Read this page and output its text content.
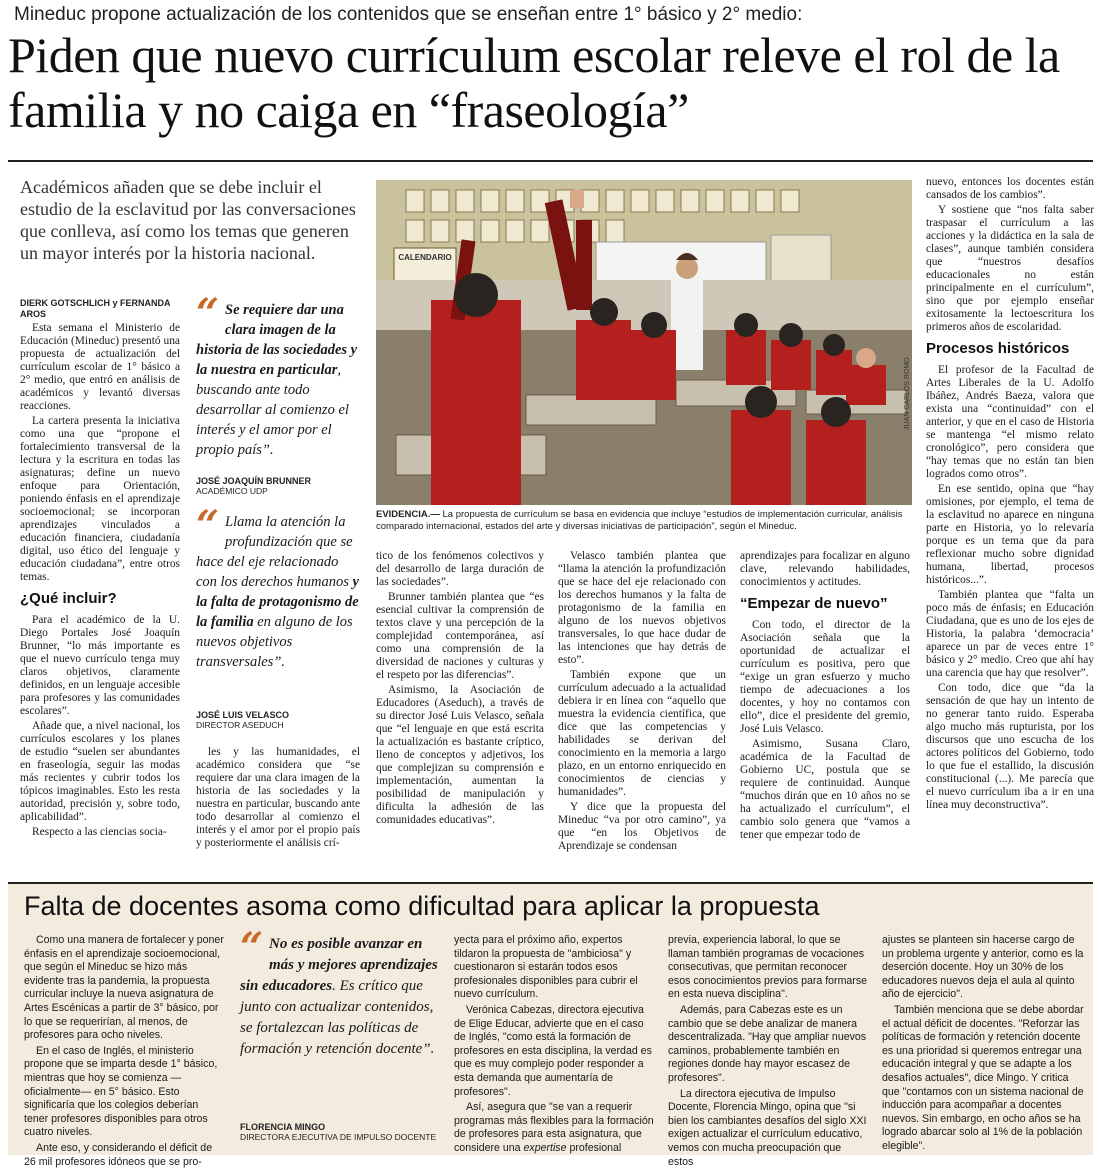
Mineduc propone actualización de los contenidos que se enseñan entre 1° básico y 2° medio:
Piden que nuevo currículum escolar releve el rol de la familia y no caiga en “fraseología”
Académicos añaden que se debe incluir el estudio de la esclavitud por las conversaciones que conlleva, así como los temas que generen un mayor interés por la historia nacional.
DIERK GOTSCHLICH y FERNANDA AROS

Esta semana el Ministerio de Educación (Mineduc) presentó una propuesta de actualización del currículum escolar de 1° básico a 2° medio, que entró en análisis de académicos y levantó diversas reacciones.

La cartera presenta la iniciativa como una que “propone el fortalecimiento transversal de la lectura y la escritura en todas las asignaturas; define un nuevo enfoque para Orientación, poniendo énfasis en el aprendizaje socioemocional; se incorporan aprendizajes vinculados a educación financiera, ciudadanía digital, uso ético del lenguaje y educación ciudadana”, entre otros temas.

¿Qué incluir?

Para el académico de la U. Diego Portales José Joaquín Brunner, “lo más importante es que el nuevo currículo tenga muy claros objetivos, claramente definidos, en un lenguaje accesible para profesores y las comunidades escolares”.

Añade que, a nivel nacional, los currículos escolares y los planes de estudio “suelen ser abundantes en fraseología, seguir las modas más recientes y cubrir todos los tópicos imaginables. Esto les resta autoridad, precisión y, sobre todo, aplicabilidad”.

Respecto a las ciencias socia-

“ Se requiere dar una clara imagen de la historia de las sociedades y la nuestra en particular, buscando ante todo desarrollar al comienzo el interés y el amor por el propio país”.
JOSÉ JOAQUÍN BRUNNER
ACADÉMICO UDP
“ Llama la atención la profundización que se hace del eje relacionado con los derechos humanos y la falta de protagonismo de la familia en alguno de los nuevos objetivos transversales”.
JOSÉ LUIS VELASCO
DIRECTOR ASEDUCH

les y las humanidades, el académico considera que “se requiere dar una clara imagen de la historia de las sociedades y la nuestra en particular, buscando ante todo desarrollar al comienzo el interés y el amor por el propio país y posteriormente el análisis crí-

CALENDARIO
JUAN CARLOS ROMO
EVIDENCIA.— La propuesta de currículum se basa en evidencia que incluye “estudios de implementación curricular, análisis comparado internacional, estados del arte y diversas iniciativas de participación”, según el Mineduc.

tico de los fenómenos colectivos y del desarrollo de larga duración de las sociedades”.

Brunner también plantea que “es esencial cultivar la comprensión de textos clave y una percepción de la complejidad contemporánea, así como una comprensión de la diversidad de naciones y culturas y el respeto por las diferencias”.

Asimismo, la Asociación de Educadores (Aseduch), a través de su director José Luis Velasco, señala que “el lenguaje en que está escrita la actualización es bastante críptico, lleno de conceptos y adjetivos, los que complejizan su comprensión e implementación, aumentan la posibilidad de manipulación y dificulta la adhesión de las comunidades educativas”.

Velasco también plantea que “llama la atención la profundización que se hace del eje relacionado con los derechos humanos y la falta de protagonismo de la familia en alguno de los nuevos objetivos transversales, lo que hace dudar de las intenciones que hay detrás de esto”.

También expone que un currículum adecuado a la actualidad debiera ir en línea con “aquello que muestra la evidencia científica, que dice que las competencias y habilidades se derivan del conocimiento en la memoria a largo plazo, en un entorno enriquecido en conocimientos de ciencias y humanidades”.

Y dice que la propuesta del Mineduc “va por otro camino”, ya que “en los Objetivos de Aprendizaje se condensan

aprendizajes para focalizar en alguno clave, relevando habilidades, conocimientos y actitudes.

“Empezar de nuevo”

Con todo, el director de la Asociación señala que la oportunidad de actualizar el currículum es positiva, pero que “exige un gran esfuerzo y mucho tiempo de adecuaciones a los docentes, y hoy no contamos con ello”, dice el presidente del gremio, José Luis Velasco.

Asimismo, Susana Claro, académica de la Facultad de Gobierno UC, postula que se requiere de continuidad. Aunque “muchos dirán que en 10 años no se ha actualizado el currículum”, el cambio solo genera que “vamos a tener que empezar todo de

nuevo, entonces los docentes están cansados de los cambios”.

Y sostiene que “nos falta saber traspasar el currículum a las acciones y la didáctica en la sala de clases”, aunque también considera que “nuestros desafíos educacionales no están principalmente en el currículum”, sino que por ejemplo enseñar exitosamente la lectoescritura los primeros años de escolaridad.

Procesos históricos

El profesor de la Facultad de Artes Liberales de la U. Adolfo Ibáñez, Andrés Baeza, valora que exista una “continuidad” con el anterior, y que en el caso de Historia se mantenga “el mismo relato cronológico”, pero considera que “hay temas que no están tan bien logrados como otros”.

En ese sentido, opina que “hay omisiones, por ejemplo, el tema de la esclavitud no aparece en ninguna parte en Historia, yo lo relevaría porque es un tema que da para reflexionar mucho sobre dignidad humana, libertad, procesos históricos...”.

También plantea que “falta un poco más de énfasis; en Educación Ciudadana, que es uno de los ejes de Historia, la palabra ‘democracia’ aparece un par de veces entre 1° básico y 2° medio. Creo que ahí hay una carencia que hay que resolver”.

Con todo, dice que “da la sensación de que hay un intento de no generar tanto ruido. Esperaba algo mucho más rupturista, por los discursos que uno escucha de los actores políticos del Gobierno, todo lo que fue el estallido, la discusión constitucional (...). Me parecía que el nuevo currículum iba a ir en una línea muy deconstructiva”.

Falta de docentes asoma como dificultad para aplicar la propuesta

Como una manera de fortalecer y poner énfasis en el aprendizaje socioemocional, que según el Mineduc se hizo más evidente tras la pandemia, la propuesta curricular incluye la nueva asignatura de Artes Escénicas a partir de 3° básico, por lo que se requerirían, al menos, de profesores para ocho niveles.

En el caso de Inglés, el ministerio propone que se imparta desde 1° básico, mientras que hoy se comienza —oficialmente— en 5° básico. Esto significaría que los colegios deberían tener profesores disponibles para otros cuatro niveles.

Ante eso, y considerando el déficit de 26 mil profesores idóneos que se pro-

“ No es posible avanzar en más y mejores aprendizajes sin educadores. Es crítico que junto con actualizar contenidos, se fortalezcan las políticas de formación y retención docente”.
FLORENCIA MINGO
DIRECTORA EJECUTIVA DE IMPULSO DOCENTE

yecta para el próximo año, expertos tildaron la propuesta de "ambiciosa" y cuestionaron si estarán todos esos profesionales disponibles para cubrir el nuevo currículum.

Verónica Cabezas, directora ejecutiva de Elige Educar, advierte que en el caso de Inglés, "como está la formación de profesores en esta disciplina, la verdad es que es muy complejo poder responder a esta demanda que aumentaría de profesores".

Así, asegura que "se van a requerir programas más flexibles para la formación de profesores para esta asignatura, que considere una expertise profesional

previa, experiencia laboral, lo que se llaman también programas de vocaciones consecutivas, que permitan reconocer esos conocimientos previos para formarse en esta nueva disciplina".

Además, para Cabezas este es un cambio que se debe analizar de manera descentralizada. "Hay que ampliar nuevos caminos, probablemente también en regiones donde hay mayor escasez de profesores".

La directora ejecutiva de Impulso Docente, Florencia Mingo, opina que "si bien los cambiantes desafíos del siglo XXI exigen actualizar el currículum educativo, vemos con mucha preocupación que estos

ajustes se planteen sin hacerse cargo de un problema urgente y anterior, como es la deserción docente. Hoy un 30% de los educadores nuevos deja el aula al quinto año de ejercicio".

También menciona que se debe abordar el actual déficit de docentes. "Reforzar las políticas de formación y retención docente es una prioridad si queremos entregar una educación integral y que se adapte a los desafíos actuales", dice Mingo. Y critica que "contamos con un sistema nacional de inducción para acompañar a docentes nuevos. Sin embargo, en ocho años se ha logrado abarcar solo al 1% de la población elegible".
